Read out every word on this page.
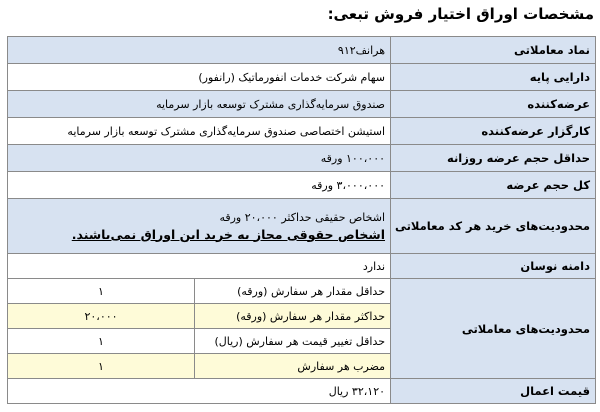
مشخصات اوراق اختیار فروش تبعی:
نماد معاملاتی	هرانف۹۱۲	
دارایی پایه	سهام شرکت خدمات انفورماتیک (رانفور)	
عرضه‌کننده	صندوق سرمایه‌گذاری مشترک توسعه بازار سرمایه	
کارگزار عرضه‌کننده	استیشن اختصاصی صندوق سرمایه‌گذاری مشترک توسعه بازار سرمایه	
حداقل حجم عرضه روزانه	۱۰۰،۰۰۰ ورقه	
کل حجم عرضه	۳،۰۰۰،۰۰۰ ورقه	
محدودیت‌های خرید هر کد معاملاتی	اشخاص حقیقی حداکثر ۲۰،۰۰۰ ورقه
اشخاص حقوقی مجاز به خرید این اوراق نمی‌باشند.	

دامنه نوسان	ندارد	
محدودیت‌های معاملاتی	حداقل مقدار هر سفارش (ورقه)	۱
	حداکثر مقدار هر سفارش (ورقه)	۲۰،۰۰۰
	حداقل تغییر قیمت هر سفارش (ریال)	۱
	مضرب هر سفارش	۱
قیمت اعمال	۳۲،۱۲۰ ریال	
